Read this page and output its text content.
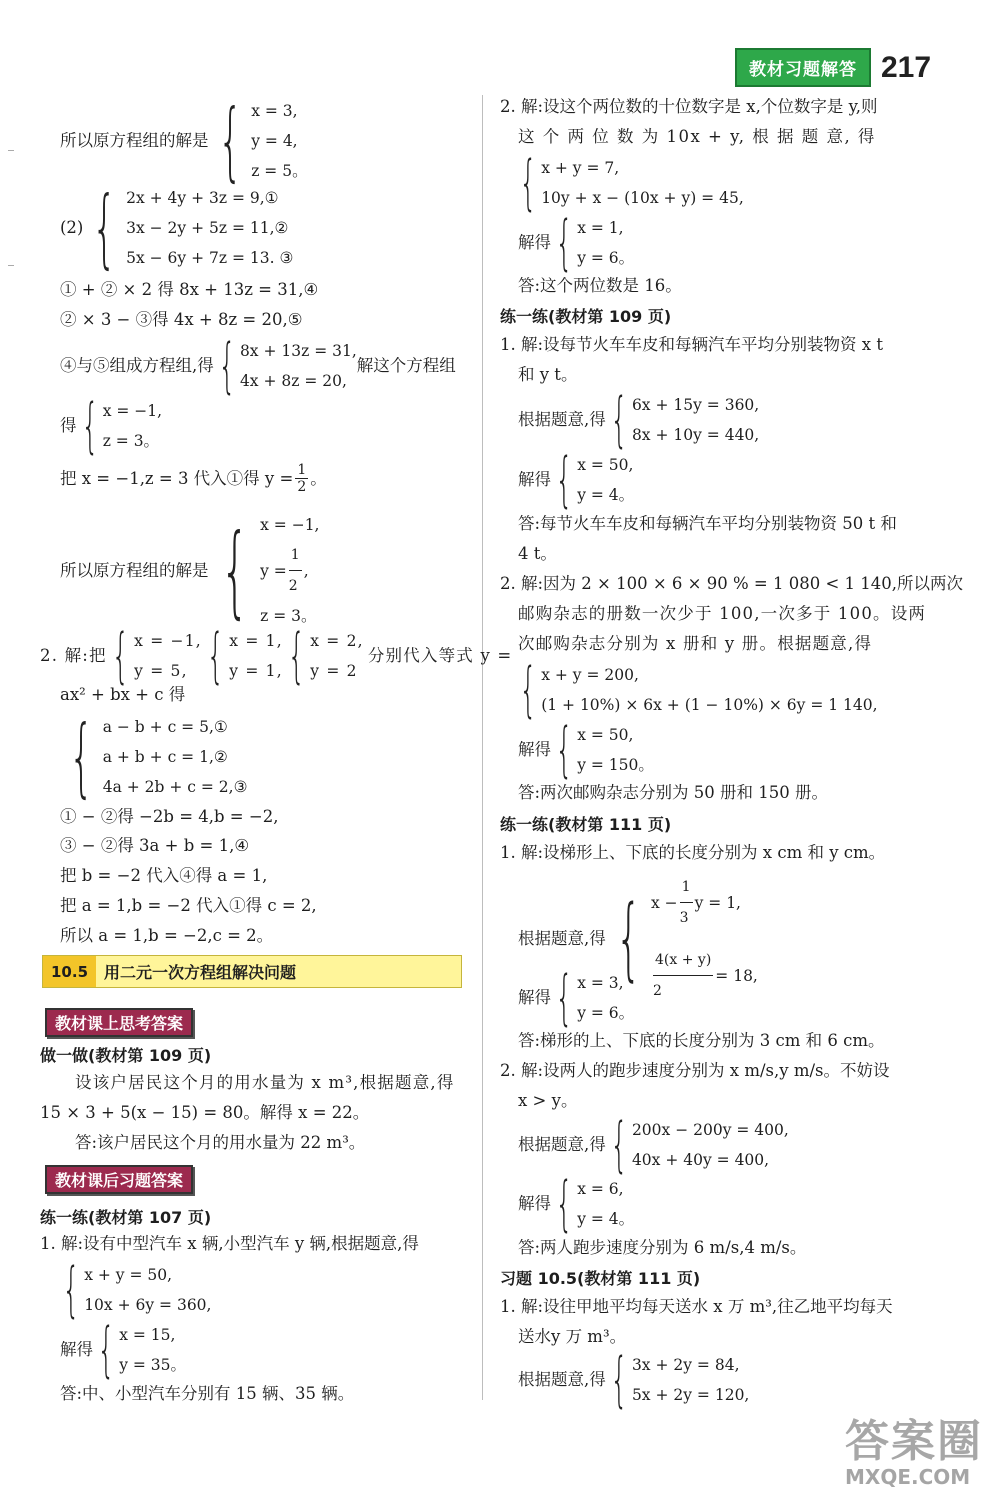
教材习题解答 217
所以原方程组的解是 { x = 3,
y = 4,
z = 5。
(2) { 2x + 4y + 3z = 9,①
3x − 2y + 5z = 11,②
5x − 6y + 7z = 13. ③
① + ② × 2 得 8x + 13z = 31,④
② × 3 − ③得 4x + 8z = 20,⑤
④与⑤组成方程组,得 { 8x + 13z = 31,
4x + 8z = 20,
解这个方程组
得 { x = −1,
z = 3。
把 x = −1,z = 3 代入①得 $y = \frac{1}{2}$ 。
所以原方程组的解是 { x = −1,
$y = \frac{1}{2}$ ,
z = 3。
2. 解:把 { x = −1,
y = 5, { x = 1,
y = 1, { x = 2,
y = 2
分别代入等式 y =
ax² + bx + c 得
{ a − b + c = 5,①
a + b + c = 1,②
4a + 2b + c = 2,③
① − ②得 −2b = 4,b = −2,
③ − ②得 3a + b = 1,④
把 b = −2 代入④得 a = 1,
把 a = 1,b = −2 代入①得 c = 2,
所以 a = 1,b = −2,c = 2。
10.5	用二元一次方程组解决问题
教材课上思考答案
做一做(教材第 109 页)
设该户居民这个月的用水量为 x m³,根据题意,得
15 × 3 + 5(x − 15) = 80。解得 x = 22。
答:该户居民这个月的用水量为 22 m³。
教材课后习题答案
练一练(教材第 107 页)
1. 解:设有中型汽车 x 辆,小型汽车 y 辆,根据题意,得
{ x + y = 50,
10x + 6y = 360,
解得 { x = 15,
y = 35。
答:中、小型汽车分别有 15 辆、35 辆。
2. 解:设这个两位数的十位数字是 x,个位数字是 y,则
这 个 两 位 数 为 10x + y, 根 据 题 意, 得
{ x + y = 7,
10y + x − (10x + y) = 45,
解得 { x = 1,
y = 6。
答:这个两位数是 16。
练一练(教材第 109 页)
1. 解:设每节火车车皮和每辆汽车平均分别装物资 x t
和 y t。
根据题意,得 { 6x + 15y = 360,
8x + 10y = 440,
解得 { x = 50,
y = 4。
答:每节火车车皮和每辆汽车平均分别装物资 50 t 和
4 t。
2. 解:因为 2 × 100 × 6 × 90 % = 1 080 < 1 140,所以两次
邮购杂志的册数一次少于 100,一次多于 100。设两
次邮购杂志分别为 x 册和 y 册。根据题意,得
{ x + y = 200,
(1 + 10%) × 6x + (1 − 10%) × 6y = 1 140,
解得 { x = 50,
y = 150。
答:两次邮购杂志分别为 50 册和 150 册。
练一练(教材第 111 页)
1. 解:设梯形上、下底的长度分别为 x cm 和 y cm。
根据题意,得 { $x - \frac{1}{3}$ y = 1,
$\frac{4(x + y)}{2} = 18$,
解得 { x = 3,
y = 6。
答:梯形的上、下底的长度分别为 3 cm 和 6 cm。
2. 解:设两人的跑步速度分别为 x m/s,y m/s。不妨设
x > y。
根据题意,得 { 200x − 200y = 400,
40x + 40y = 400,
解得 { x = 6,
y = 4。
答:两人跑步速度分别为 6 m/s,4 m/s。
习题 10.5(教材第 111 页)
1. 解:设往甲地平均每天送水 x 万 m³,往乙地平均每天
送水y 万 m³。
根据题意,得 { 3x + 2y = 84,
5x + 2y = 120,
答案圈
MXQE.COM
